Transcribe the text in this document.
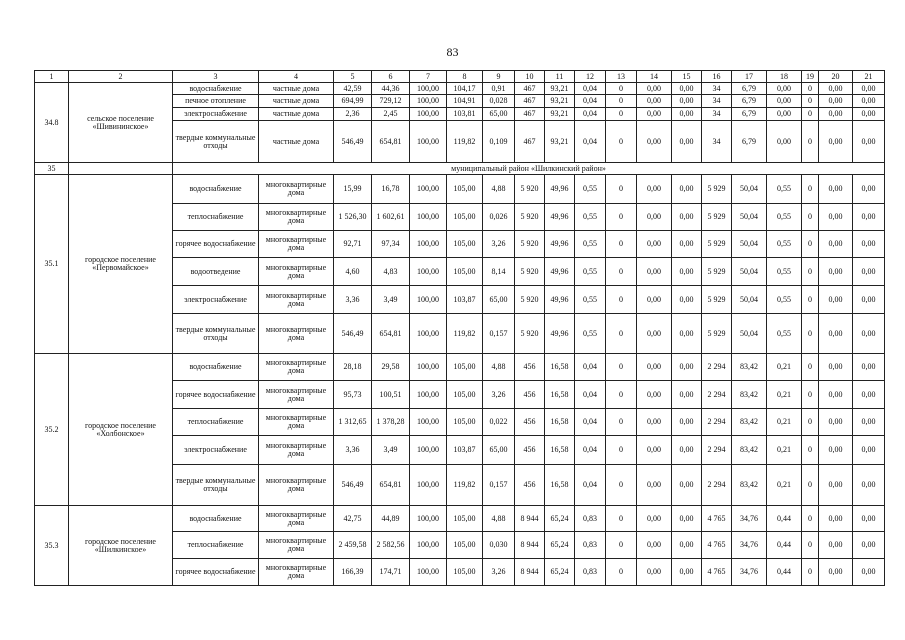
83
1	2	3	4	5	6	7	8	9	10	11	12	13	14	15	16	17	18	19	20	21
34.8	сельское поселение «Шивининское»	водоснабжение	частные дома	42,59	44,36	100,00	104,17	0,91	467	93,21	0,04	0	0,00	0,00	34	6,79	0,00	0	0,00	0,00
		печное отопление	частные дома	694,99	729,12	100,00	104,91	0,028	467	93,21	0,04	0	0,00	0,00	34	6,79	0,00	0	0,00	0,00
		электроснабжение	частные дома	2,36	2,45	100,00	103,81	65,00	467	93,21	0,04	0	0,00	0,00	34	6,79	0,00	0	0,00	0,00
		твердые коммунальные отходы	частные дома	546,49	654,81	100,00	119,82	0,109	467	93,21	0,04	0	0,00	0,00	34	6,79	0,00	0	0,00	0,00
35		муниципальный район «Шилкинский район»																		
35.1	городское поселение «Первомайское»	водоснабжение	многоквартирные дома	15,99	16,78	100,00	105,00	4,88	5 920	49,96	0,55	0	0,00	0,00	5 929	50,04	0,55	0	0,00	0,00
		теплоснабжение	многоквартирные дома	1 526,30	1 602,61	100,00	105,00	0,026	5 920	49,96	0,55	0	0,00	0,00	5 929	50,04	0,55	0	0,00	0,00
		горячее водоснабжение	многоквартирные дома	92,71	97,34	100,00	105,00	3,26	5 920	49,96	0,55	0	0,00	0,00	5 929	50,04	0,55	0	0,00	0,00
		водоотведение	многоквартирные дома	4,60	4,83	100,00	105,00	8,14	5 920	49,96	0,55	0	0,00	0,00	5 929	50,04	0,55	0	0,00	0,00
		электроснабжение	многоквартирные дома	3,36	3,49	100,00	103,87	65,00	5 920	49,96	0,55	0	0,00	0,00	5 929	50,04	0,55	0	0,00	0,00
		твердые коммунальные отходы	многоквартирные дома	546,49	654,81	100,00	119,82	0,157	5 920	49,96	0,55	0	0,00	0,00	5 929	50,04	0,55	0	0,00	0,00
35.2	городское поселение «Холбонское»	водоснабжение	многоквартирные дома	28,18	29,58	100,00	105,00	4,88	456	16,58	0,04	0	0,00	0,00	2 294	83,42	0,21	0	0,00	0,00
		горячее водоснабжение	многоквартирные дома	95,73	100,51	100,00	105,00	3,26	456	16,58	0,04	0	0,00	0,00	2 294	83,42	0,21	0	0,00	0,00
		теплоснабжение	многоквартирные дома	1 312,65	1 378,28	100,00	105,00	0,022	456	16,58	0,04	0	0,00	0,00	2 294	83,42	0,21	0	0,00	0,00
		электроснабжение	многоквартирные дома	3,36	3,49	100,00	103,87	65,00	456	16,58	0,04	0	0,00	0,00	2 294	83,42	0,21	0	0,00	0,00
		твердые коммунальные отходы	многоквартирные дома	546,49	654,81	100,00	119,82	0,157	456	16,58	0,04	0	0,00	0,00	2 294	83,42	0,21	0	0,00	0,00
35.3	городское поселение «Шилкинское»	водоснабжение	многоквартирные дома	42,75	44,89	100,00	105,00	4,88	8 944	65,24	0,83	0	0,00	0,00	4 765	34,76	0,44	0	0,00	0,00
		теплоснабжение	многоквартирные дома	2 459,58	2 582,56	100,00	105,00	0,030	8 944	65,24	0,83	0	0,00	0,00	4 765	34,76	0,44	0	0,00	0,00
		горячее водоснабжение	многоквартирные дома	166,39	174,71	100,00	105,00	3,26	8 944	65,24	0,83	0	0,00	0,00	4 765	34,76	0,44	0	0,00	0,00
